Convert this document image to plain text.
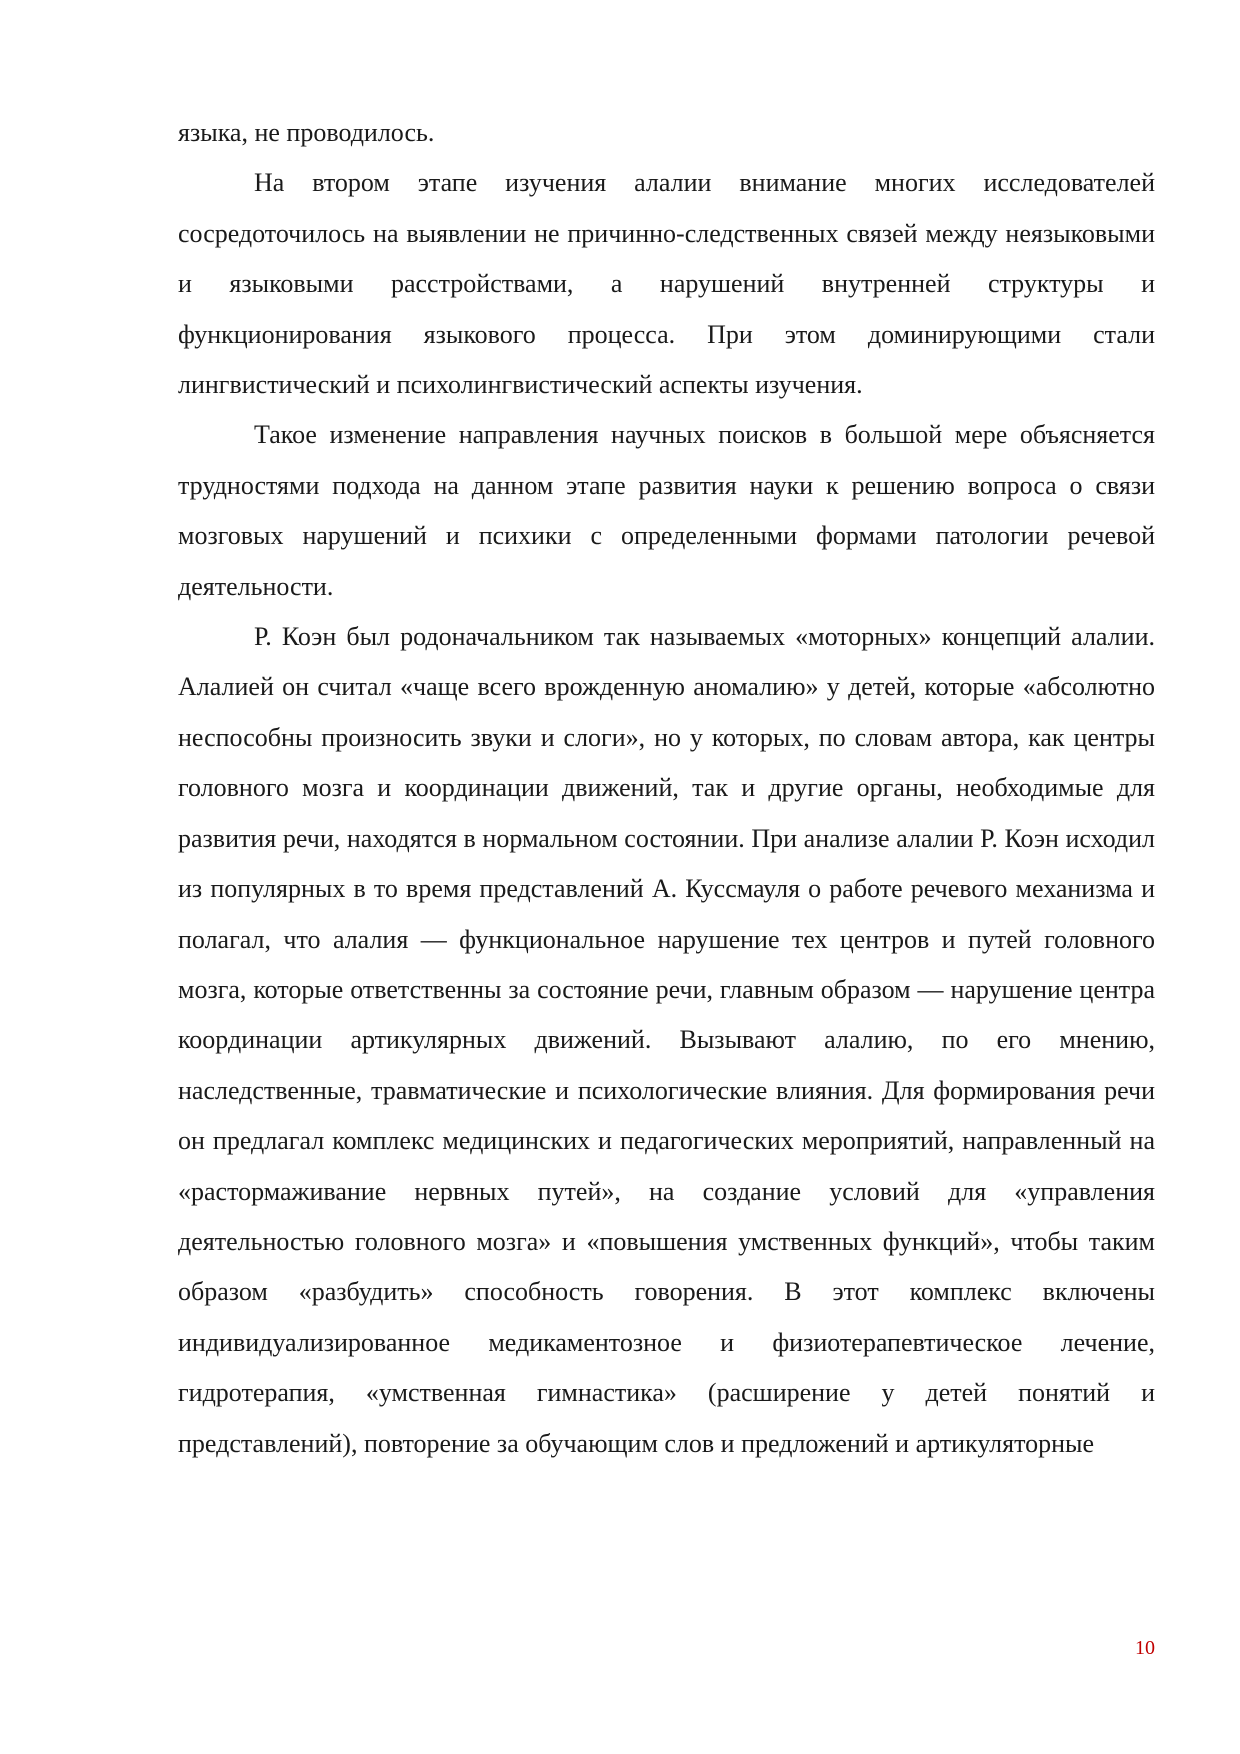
языка, не проводилось.

На втором этапе изучения алалии внимание многих исследователей сосредоточилось на выявлении не причинно-следственных связей между неязыковыми и языковыми расстройствами, а нарушений внутренней структуры и функционирования языкового процесса. При этом доминирующими стали лингвистический и психолингвистический аспекты изучения.

Такое изменение направления научных поисков в большой мере объясняется трудностями подхода на данном этапе развития науки к решению вопроса о связи мозговых нарушений и психики с определенными формами патологии речевой деятельности.

Р. Коэн был родоначальником так называемых «моторных» концепций алалии. Алалией он считал «чаще всего врожденную аномалию» у детей, которые «абсолютно неспособны произносить звуки и слоги», но у которых, по словам автора, как центры головного мозга и координации движений, так и другие органы, необходимые для развития речи, находятся в нормальном состоянии. При анализе алалии Р. Коэн исходил из популярных в то время представлений А. Куссмауля о работе речевого механизма и полагал, что алалия — функциональное нарушение тех центров и путей головного мозга, которые ответственны за состояние речи, главным образом — нарушение центра координации артикулярных движений. Вызывают алалию, по его мнению, наследственные, травматические и психологические влияния. Для формирования речи он предлагал комплекс медицинских и педагогических мероприятий, направленный на «растормаживание нервных путей», на создание условий для «управления деятельностью головного мозга» и «повышения умственных функций», чтобы таким образом «разбудить» способность говорения. В этот комплекс включены индивидуализированное медикаментозное и физиотерапевтическое лечение, гидротерапия, «умственная гимнастика» (расширение у детей понятий и представлений), повторение за обучающим слов и предложений и артикуляторные

10
